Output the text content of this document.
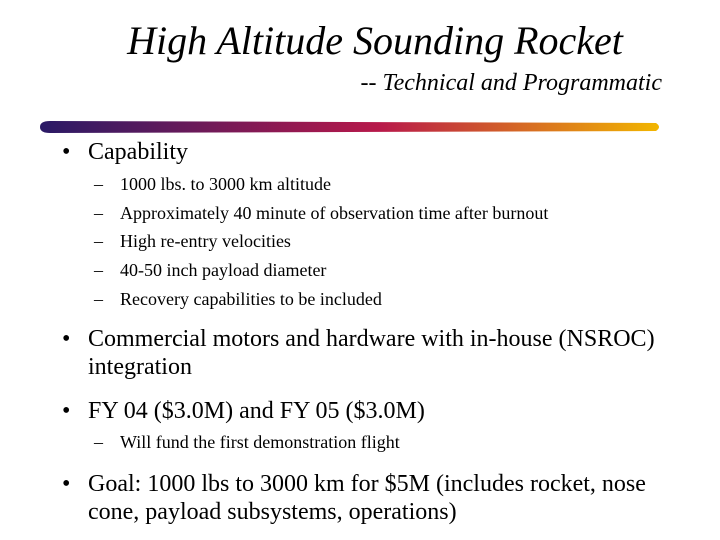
High Altitude Sounding Rocket
-- Technical and Programmatic
• Capability
– 1000 lbs. to 3000 km altitude
– Approximately 40 minute of observation time after burnout
– High re-entry velocities
– 40-50 inch payload diameter
– Recovery capabilities to be included
• Commercial motors and hardware with in-house (NSROC)
integration
• FY 04 ($3.0M) and FY 05 ($3.0M)
– Will fund the first demonstration flight
• Goal: 1000 lbs to 3000 km for $5M (includes rocket, nose
cone, payload subsystems, operations)
